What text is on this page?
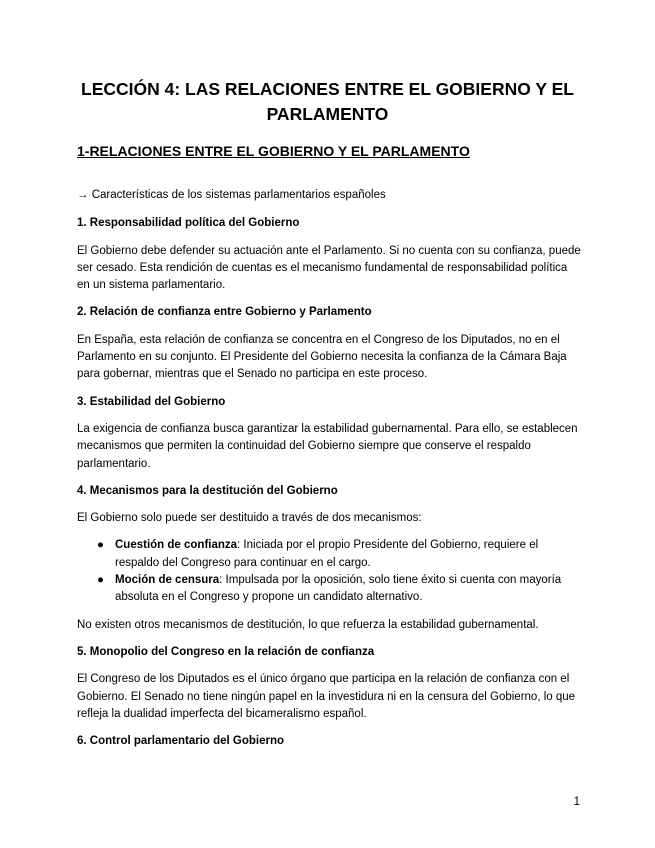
LECCIÓN 4: LAS RELACIONES ENTRE EL GOBIERNO Y EL PARLAMENTO
1-RELACIONES ENTRE EL GOBIERNO Y EL PARLAMENTO

→ Características de los sistemas parlamentarios españoles

1. Responsabilidad política del Gobierno

El Gobierno debe defender su actuación ante el Parlamento. Si no cuenta con su confianza, puede ser cesado. Esta rendición de cuentas es el mecanismo fundamental de responsabilidad política en un sistema parlamentario.

2. Relación de confianza entre Gobierno y Parlamento

En España, esta relación de confianza se concentra en el Congreso de los Diputados, no en el Parlamento en su conjunto. El Presidente del Gobierno necesita la confianza de la Cámara Baja para gobernar, mientras que el Senado no participa en este proceso.

3. Estabilidad del Gobierno

La exigencia de confianza busca garantizar la estabilidad gubernamental. Para ello, se establecen mecanismos que permiten la continuidad del Gobierno siempre que conserve el respaldo parlamentario.

4. Mecanismos para la destitución del Gobierno

El Gobierno solo puede ser destituido a través de dos mecanismos:

● Cuestión de confianza: Iniciada por el propio Presidente del Gobierno, requiere el respaldo del Congreso para continuar en el cargo.
● Moción de censura: Impulsada por la oposición, solo tiene éxito si cuenta con mayoría absoluta en el Congreso y propone un candidato alternativo.

No existen otros mecanismos de destitución, lo que refuerza la estabilidad gubernamental.

5. Monopolio del Congreso en la relación de confianza

El Congreso de los Diputados es el único órgano que participa en la relación de confianza con el Gobierno. El Senado no tiene ningún papel en la investidura ni en la censura del Gobierno, lo que refleja la dualidad imperfecta del bicameralismo español.

6. Control parlamentario del Gobierno

1
